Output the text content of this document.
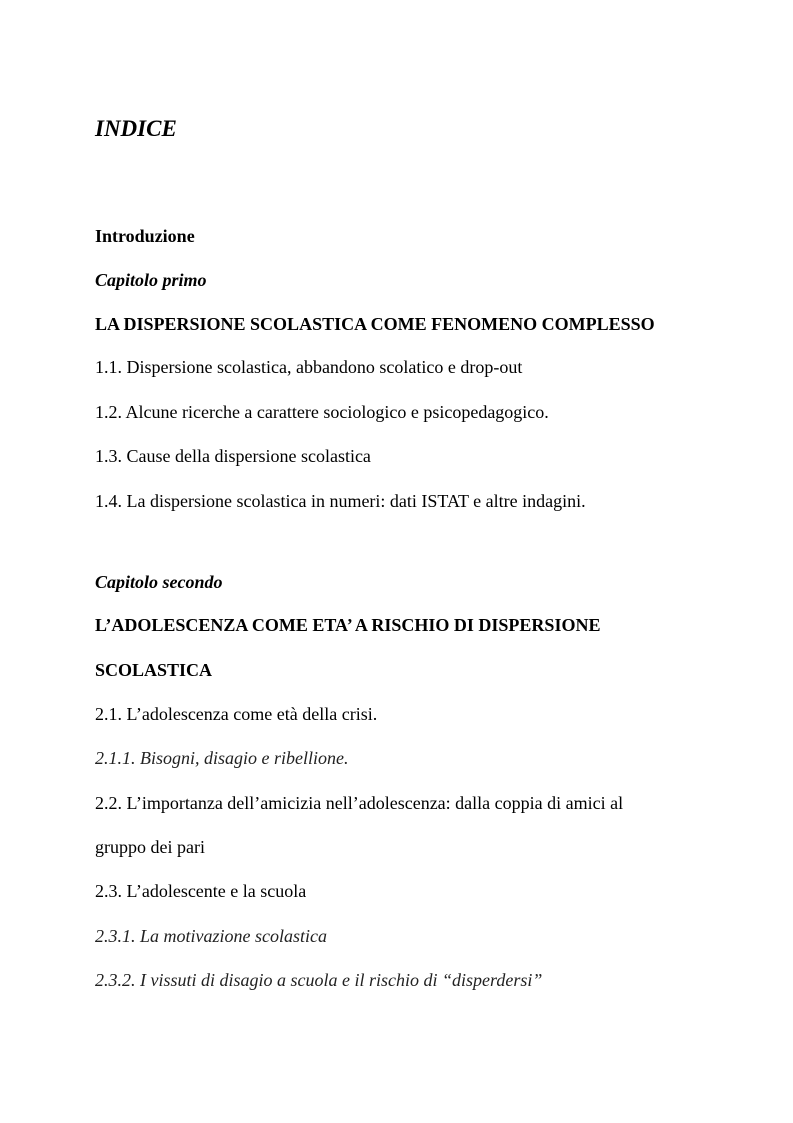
INDICE
Introduzione
Capitolo primo
LA DISPERSIONE SCOLASTICA COME FENOMENO COMPLESSO
1.1. Dispersione scolastica, abbandono scolatico e drop-out
1.2. Alcune ricerche a carattere sociologico e psicopedagogico.
1.3. Cause della dispersione scolastica
1.4. La dispersione scolastica in numeri: dati ISTAT e altre indagini.
Capitolo secondo
L’ADOLESCENZA COME ETA’ A RISCHIO DI DISPERSIONE
SCOLASTICA
2.1. L’adolescenza come età della crisi.
2.1.1. Bisogni, disagio e ribellione.
2.2. L’importanza dell’amicizia nell’adolescenza: dalla coppia di amici al
gruppo dei pari
2.3. L’adolescente e la scuola
2.3.1. La motivazione scolastica
2.3.2. I vissuti di disagio a scuola e il rischio di “disperdersi”
